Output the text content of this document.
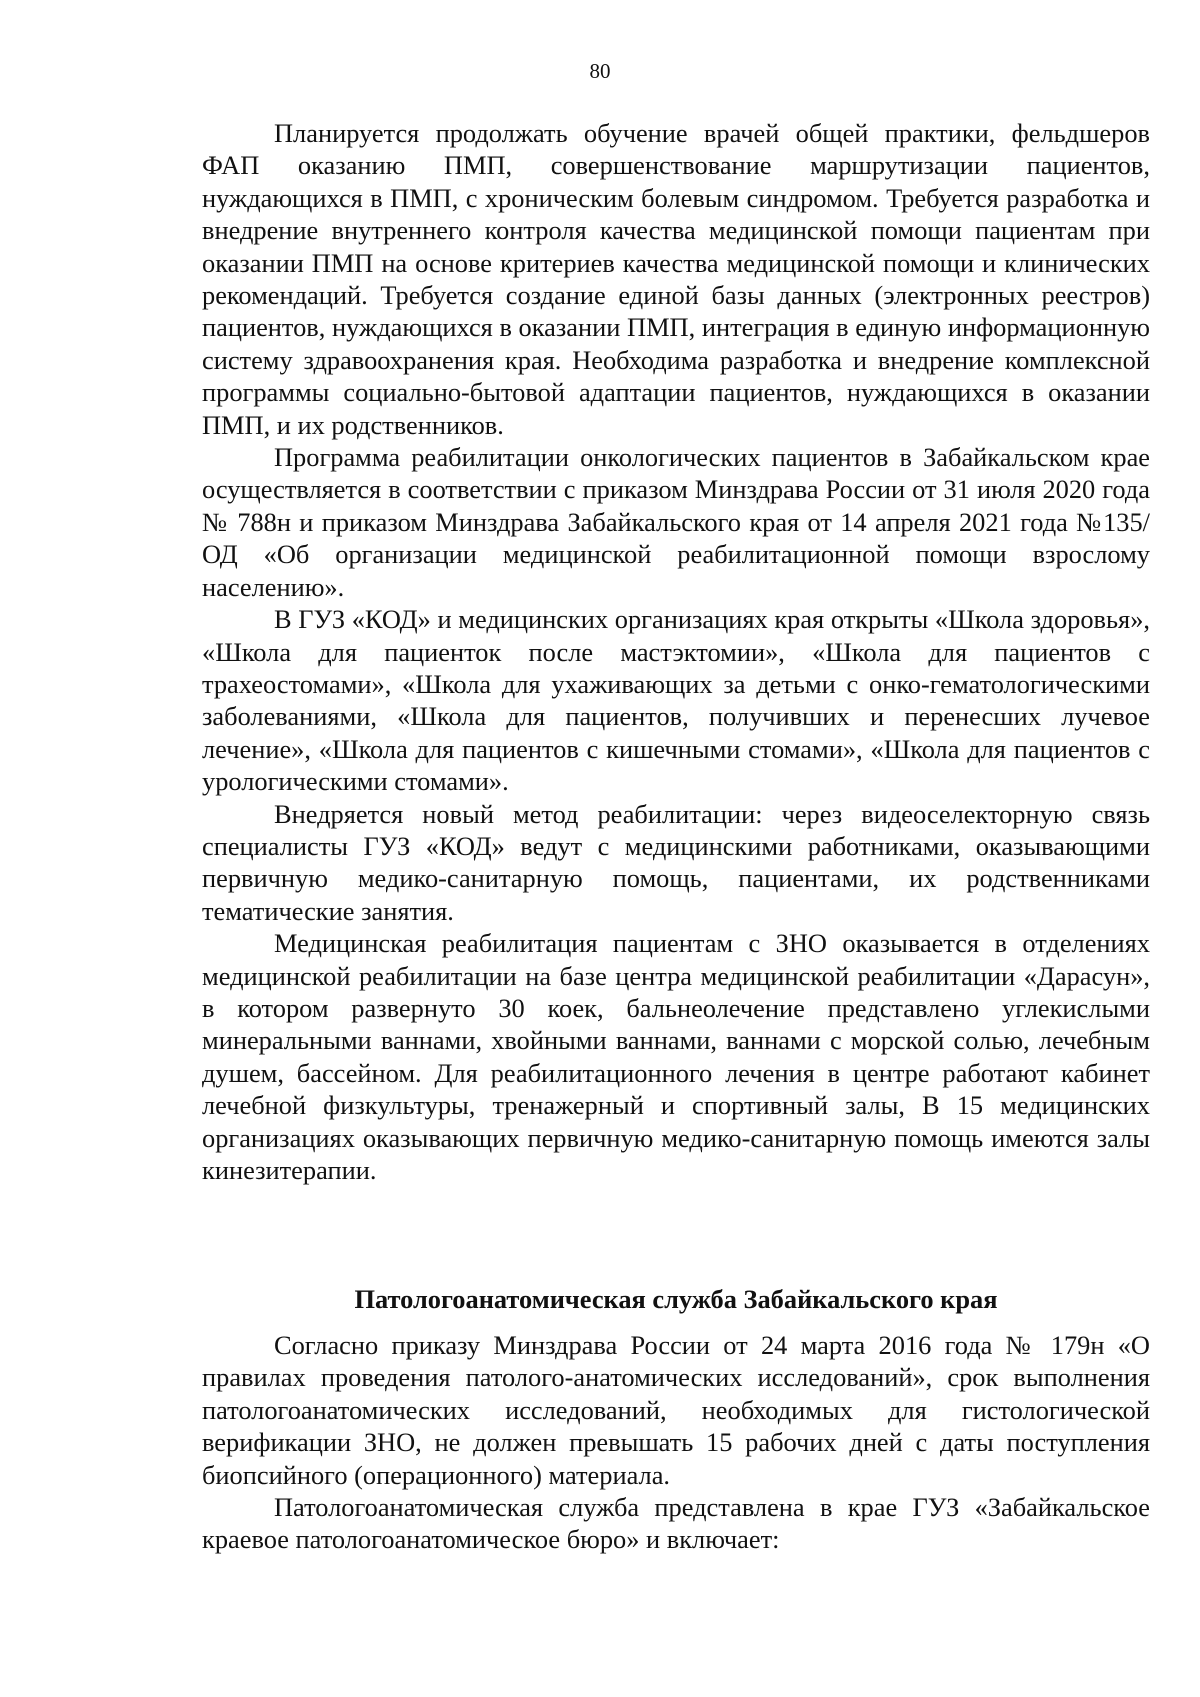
80

Планируется продолжать обучение врачей общей практики, фельдшеров ФАП оказанию ПМП, совершенствование маршрутизации пациентов, нуждающихся в ПМП, с хроническим болевым синдромом. Требуется разработка и внедрение внутреннего контроля качества медицинской помощи пациентам при оказании ПМП на основе критериев качества медицинской помощи и клинических рекомендаций. Требуется создание единой базы данных (электронных реестров) пациентов, нуждающихся в оказании ПМП, интеграция в единую информационную систему здравоохранения края. Необходима разработка и внедрение комплексной программы социально-бытовой адаптации пациентов, нуждающихся в оказании ПМП, и их родственников.

Программа реабилитации онкологических пациентов в Забайкальском крае осуществляется в соответствии с приказом Минздрава России от 31 июля 2020 года № 788н и приказом Минздрава Забайкальского края от 14 апреля 2021 года №135/ОД «Об организации медицинской реабилитационной помощи взрослому населению».

В ГУЗ «КОД» и медицинских организациях края открыты «Школа здоровья», «Школа для пациенток после мастэктомии», «Школа для пациентов с трахеостомами», «Школа для ухаживающих за детьми с онко-гематологическими заболеваниями, «Школа для пациентов, получивших и перенесших лучевое лечение», «Школа для пациентов с кишечными стомами», «Школа для пациентов с урологическими стомами».

Внедряется новый метод реабилитации: через видеоселекторную связь специалисты ГУЗ «КОД» ведут с медицинскими работниками, оказывающими первичную медико-санитарную помощь, пациентами, их родственниками тематические занятия.

Медицинская реабилитация пациентам с ЗНО оказывается в отделениях медицинской реабилитации на базе центра медицинской реабилитации «Дарасун», в котором развернуто 30 коек, бальнеолечение представлено углекислыми минеральными ваннами, хвойными ваннами, ваннами с морской солью, лечебным душем, бассейном. Для реабилитационного лечения в центре работают кабинет лечебной физкультуры, тренажерный и спортивный залы, В 15 медицинских организациях оказывающих первичную медико-санитарную помощь имеются залы кинезитерапии.

Патологоанатомическая служба Забайкальского края

Согласно приказу Минздрава России от 24 марта 2016 года № 179н «О правилах проведения патолого-анатомических исследований», срок выполнения патологоанатомических исследований, необходимых для гистологической верификации ЗНО, не должен превышать 15 рабочих дней с даты поступления биопсийного (операционного) материала.

Патологоанатомическая служба представлена в крае ГУЗ «Забайкальское краевое патологоанатомическое бюро» и включает:
